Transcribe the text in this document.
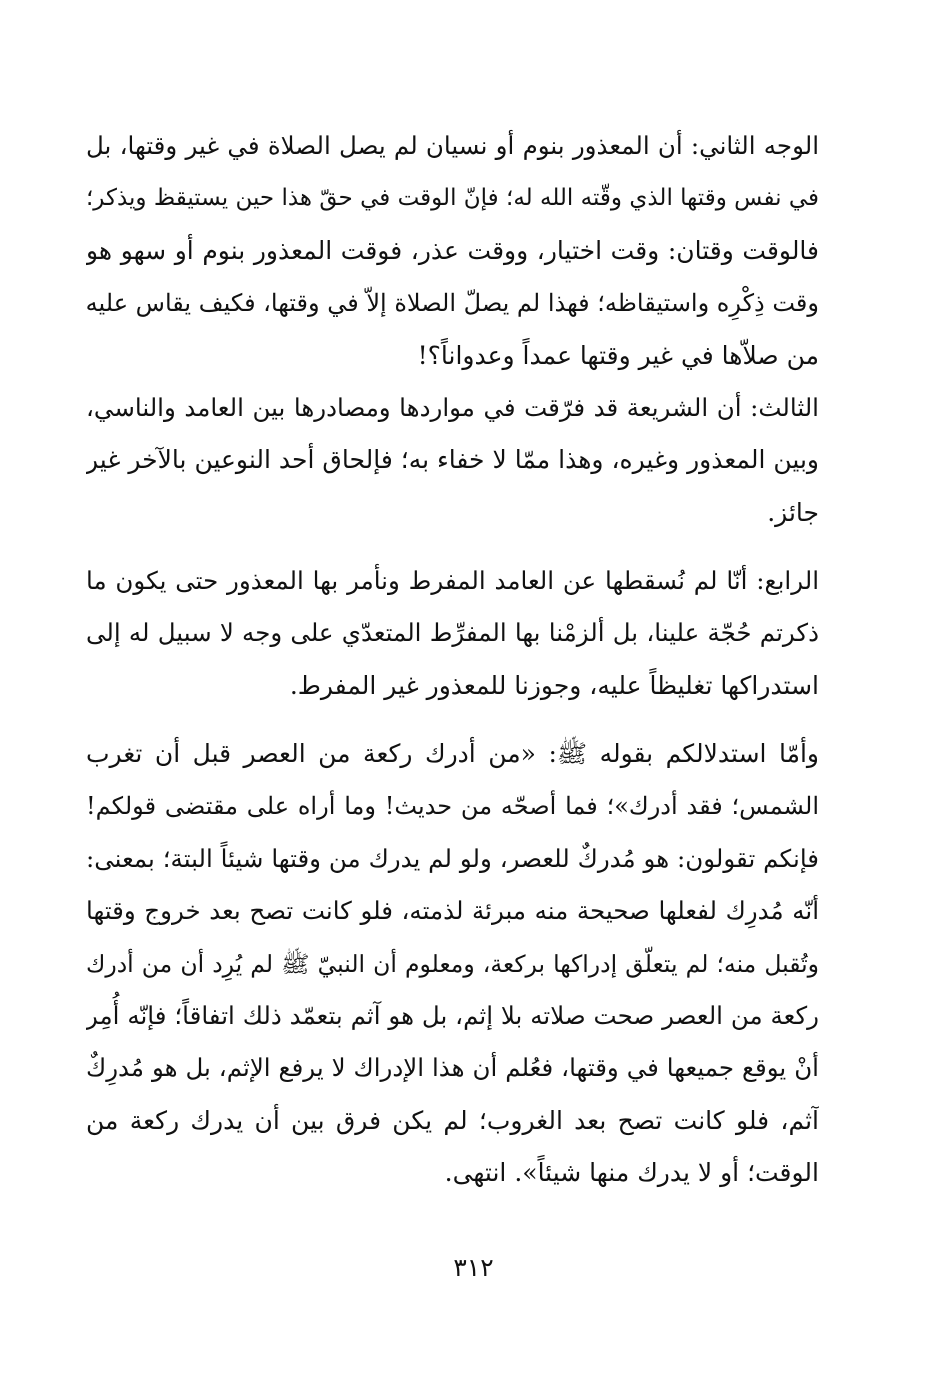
الوجه الثاني: أن المعذور بنوم أو نسيان لم يصل الصلاة في غير وقتها، بل
في نفس وقتها الذي وقّته الله له؛ فإنّ الوقت في حقّ هذا حين يستيقظ ويذكر؛
فالوقت وقتان: وقت اختيار، ووقت عذر، فوقت المعذور بنوم أو سهو هو
وقت ذِكْرِه واستيقاظه؛ فهذا لم يصلّ الصلاة إلاّ في وقتها، فكيف يقاس عليه
من صلاّها في غير وقتها عمداً وعدواناً؟!
الثالث: أن الشريعة قد فرّقت في مواردها ومصادرها بين العامد والناسي،
وبين المعذور وغيره، وهذا ممّا لا خفاء به؛ فإلحاق أحد النوعين بالآخر غير
جائز.
الرابع: أنّا لم نُسقطها عن العامد المفرط ونأمر بها المعذور حتى يكون ما
ذكرتم حُجّة علينا، بل ألزمْنا بها المفرِّط المتعدّي على وجه لا سبيل له إلى
استدراكها تغليظاً عليه، وجوزنا للمعذور غير المفرط.
وأمّا استدلالكم بقوله ﷺ: «من أدرك ركعة من العصر قبل أن تغرب
الشمس؛ فقد أدرك»؛ فما أصحّه من حديث! وما أراه على مقتضى قولكم!
فإنكم تقولون: هو مُدركٌ للعصر، ولو لم يدرك من وقتها شيئاً البتة؛ بمعنى:
أنّه مُدرِك لفعلها صحيحة منه مبرئة لذمته، فلو كانت تصح بعد خروج وقتها
وتُقبل منه؛ لم يتعلّق إدراكها بركعة، ومعلوم أن النبيّ ﷺ لم يُرِد أن من أدرك
ركعة من العصر صحت صلاته بلا إثم، بل هو آثم بتعمّد ذلك اتفاقاً؛ فإنّه أُمِر
أنْ يوقع جميعها في وقتها، فعُلم أن هذا الإدراك لا يرفع الإثم، بل هو مُدرِكٌ
آثم، فلو كانت تصح بعد الغروب؛ لم يكن فرق بين أن يدرك ركعة من
الوقت؛ أو لا يدرك منها شيئاً». انتهى.
٣١٢
